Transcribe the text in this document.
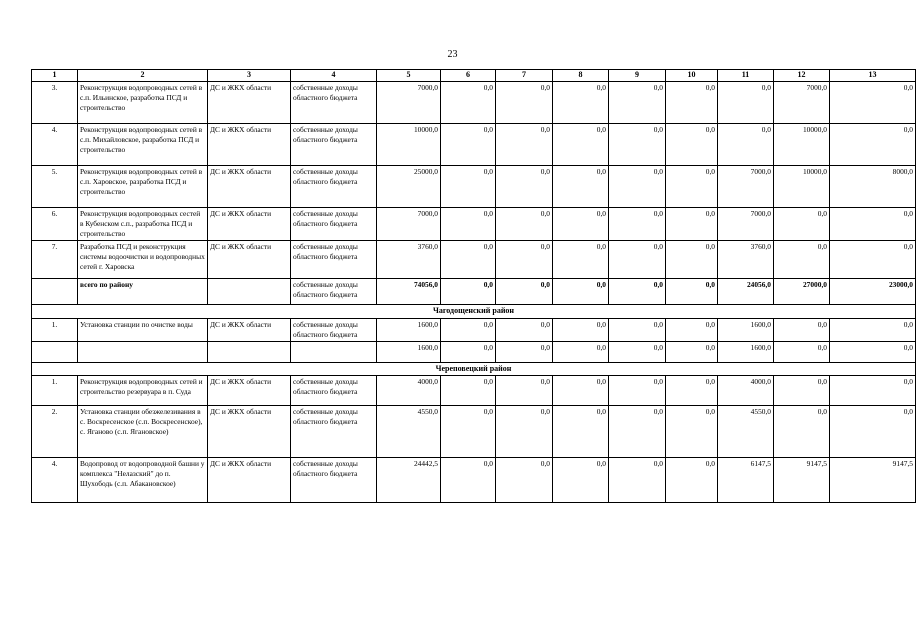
23
1	2	3	4	5	6	7	8	9	10	11	12	13
3.	Реконструкция водопроводных сетей в с.п. Ильинское, разработка ПСД и строительство	ДС и ЖКХ области	собственные доходы областного бюджета	7000,0	0,0	0,0	0,0	0,0	0,0	0,0	7000,0	0,0
4.	Реконструкция водопроводных сетей в с.п. Михайловское, разработка ПСД и строительство	ДС и ЖКХ области	собственные доходы областного бюджета	10000,0	0,0	0,0	0,0	0,0	0,0	0,0	10000,0	0,0
5.	Реконструкция водопроводных сетей в с.п. Харовское, разработка ПСД и строительство	ДС и ЖКХ области	собственные доходы областного бюджета	25000,0	0,0	0,0	0,0	0,0	0,0	7000,0	10000,0	8000,0
6.	Реконструкция водопроводных сестей в Кубенском с.п., разработка ПСД и строительство	ДС и ЖКХ области	собственные доходы областного бюджета	7000,0	0,0	0,0	0,0	0,0	0,0	7000,0	0,0	0,0
7.	Разработка ПСД и реконструкция системы водоочистки и водопроводных сетей г. Харовска	ДС и ЖКХ области	собственные доходы областного бюджета	3760,0	0,0	0,0	0,0	0,0	0,0	3760,0	0,0	0,0
	всего по району		собственные доходы областного бюджета	74056,0	0,0	0,0	0,0	0,0	0,0	24056,0	27000,0	23000,0
Чагодощенский район												
1.	Установка станции по очистке воды	ДС и ЖКХ области	собственные доходы областного бюджета	1600,0	0,0	0,0	0,0	0,0	0,0	1600,0	0,0	0,0
				1600,0	0,0	0,0	0,0	0,0	0,0	1600,0	0,0	0,0
Череповецкий район												
1.	Реконструкция водопроводных сетей и строительство резервуара в п. Суда	ДС и ЖКХ области	собственные доходы областного бюджета	4000,0	0,0	0,0	0,0	0,0	0,0	4000,0	0,0	0,0
2.	Установка станции обезжелезивания в с. Воскресенское (с.п. Воскресенское), с. Яганово (с.п. Ягановское)	ДС и ЖКХ области	собственные доходы областного бюджета	4550,0	0,0	0,0	0,0	0,0	0,0	4550,0	0,0	0,0
4.	Водопровод от водопроводной башни у комплекса "Нелазский" до п. Шухободь (с.п. Абакановское)	ДС и ЖКХ области	собственные доходы областного бюджета	24442,5	0,0	0,0	0,0	0,0	0,0	6147,5	9147,5	9147,5
